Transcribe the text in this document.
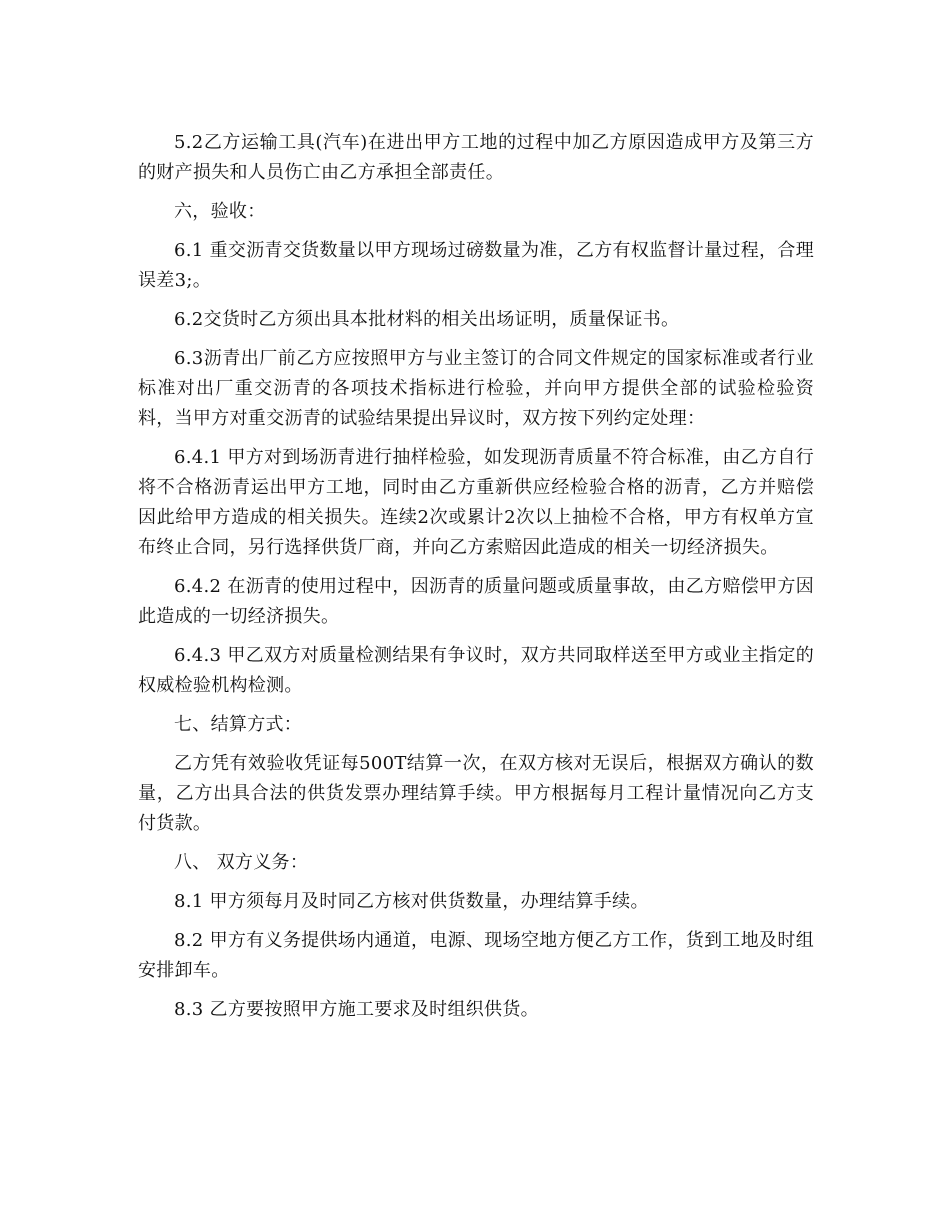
5.2乙方运输工具(汽车)在进出甲方工地的过程中加乙方原因造成甲方及第三方的财产损失和人员伤亡由乙方承担全部责任。

六，验收：

6.1 重交沥青交货数量以甲方现场过磅数量为准，乙方有权监督计量过程，合理误差3;。

6.2交货时乙方须出具本批材料的相关出场证明，质量保证书。

6.3沥青出厂前乙方应按照甲方与业主签订的合同文件规定的国家标准或者行业标准对出厂重交沥青的各项技术指标进行检验，并向甲方提供全部的试验检验资料，当甲方对重交沥青的试验结果提出异议时，双方按下列约定处理：

6.4.1 甲方对到场沥青进行抽样检验，如发现沥青质量不符合标准，由乙方自行将不合格沥青运出甲方工地，同时由乙方重新供应经检验合格的沥青，乙方并赔偿因此给甲方造成的相关损失。连续2次或累计2次以上抽检不合格，甲方有权单方宣布终止合同，另行选择供货厂商，并向乙方索赔因此造成的相关一切经济损失。

6.4.2 在沥青的使用过程中，因沥青的质量问题或质量事故，由乙方赔偿甲方因此造成的一切经济损失。

6.4.3 甲乙双方对质量检测结果有争议时，双方共同取样送至甲方或业主指定的权威检验机构检测。

七、结算方式：

乙方凭有效验收凭证每500T结算一次，在双方核对无误后，根据双方确认的数量，乙方出具合法的供货发票办理结算手续。甲方根据每月工程计量情况向乙方支付货款。

八、 双方义务：

8.1 甲方须每月及时同乙方核对供货数量，办理结算手续。

8.2 甲方有义务提供场内通道，电源、现场空地方便乙方工作，货到工地及时组安排卸车。

8.3 乙方要按照甲方施工要求及时组织供货。
